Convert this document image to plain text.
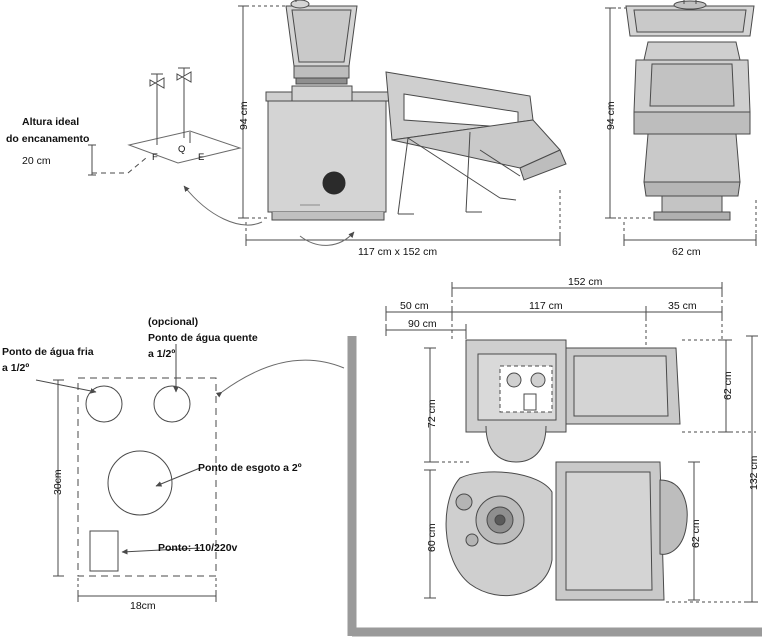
Altura ideal
do encanamento
20 cm	F
Q
E
94 cm
117 cm x 152 cm
94 cm
62 cm
Ponto de água fria
a 1/2º
(opcional)
Ponto de água quente
a 1/2º
Ponto de esgoto a 2º
Ponto: 110/220v
30cm
18cm
152 cm
50 cm	117 cm	35 cm
90 cm
62 cm
132 cm
62 cm
72 cm
60 cm
